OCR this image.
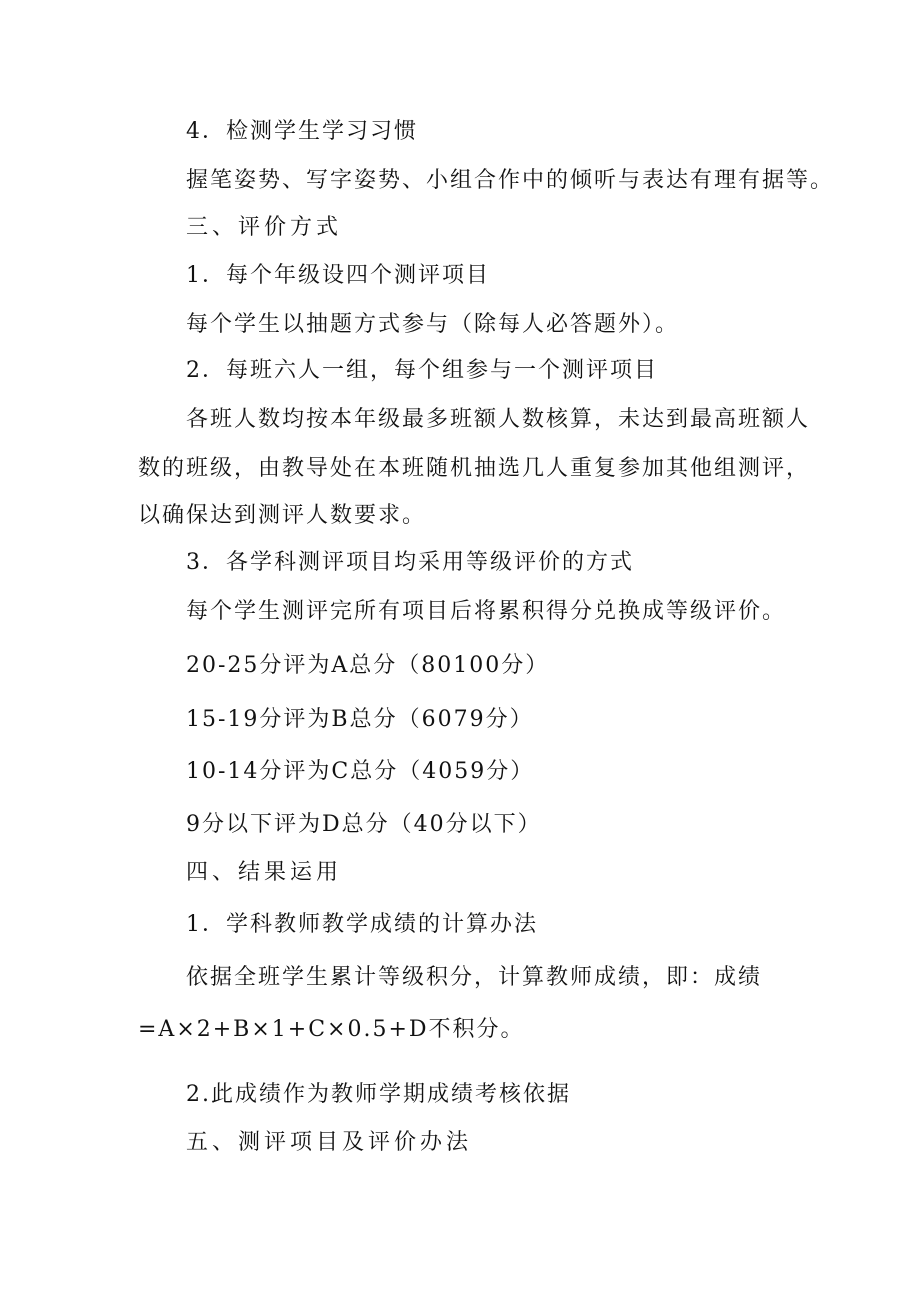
4．检测学生学习习惯
握笔姿势、写字姿势、小组合作中的倾听与表达有理有据等。
三、评价方式
1．每个年级设四个测评项目
每个学生以抽题方式参与（除每人必答题外）。
2．每班六人一组，每个组参与一个测评项目
各班人数均按本年级最多班额人数核算，未达到最高班额人
数的班级，由教导处在本班随机抽选几人重复参加其他组测评，
以确保达到测评人数要求。
3．各学科测评项目均采用等级评价的方式
每个学生测评完所有项目后将累积得分兑换成等级评价。
20-25分评为A总分（80100分）
15-19分评为B总分（6079分）
10-14分评为C总分（4059分）
9分以下评为D总分（40分以下）
四、结果运用
1．学科教师教学成绩的计算办法
依据全班学生累计等级积分，计算教师成绩，即：成绩
=A×2+B×1+C×0.5+D不积分。
2.此成绩作为教师学期成绩考核依据
五、测评项目及评价办法
